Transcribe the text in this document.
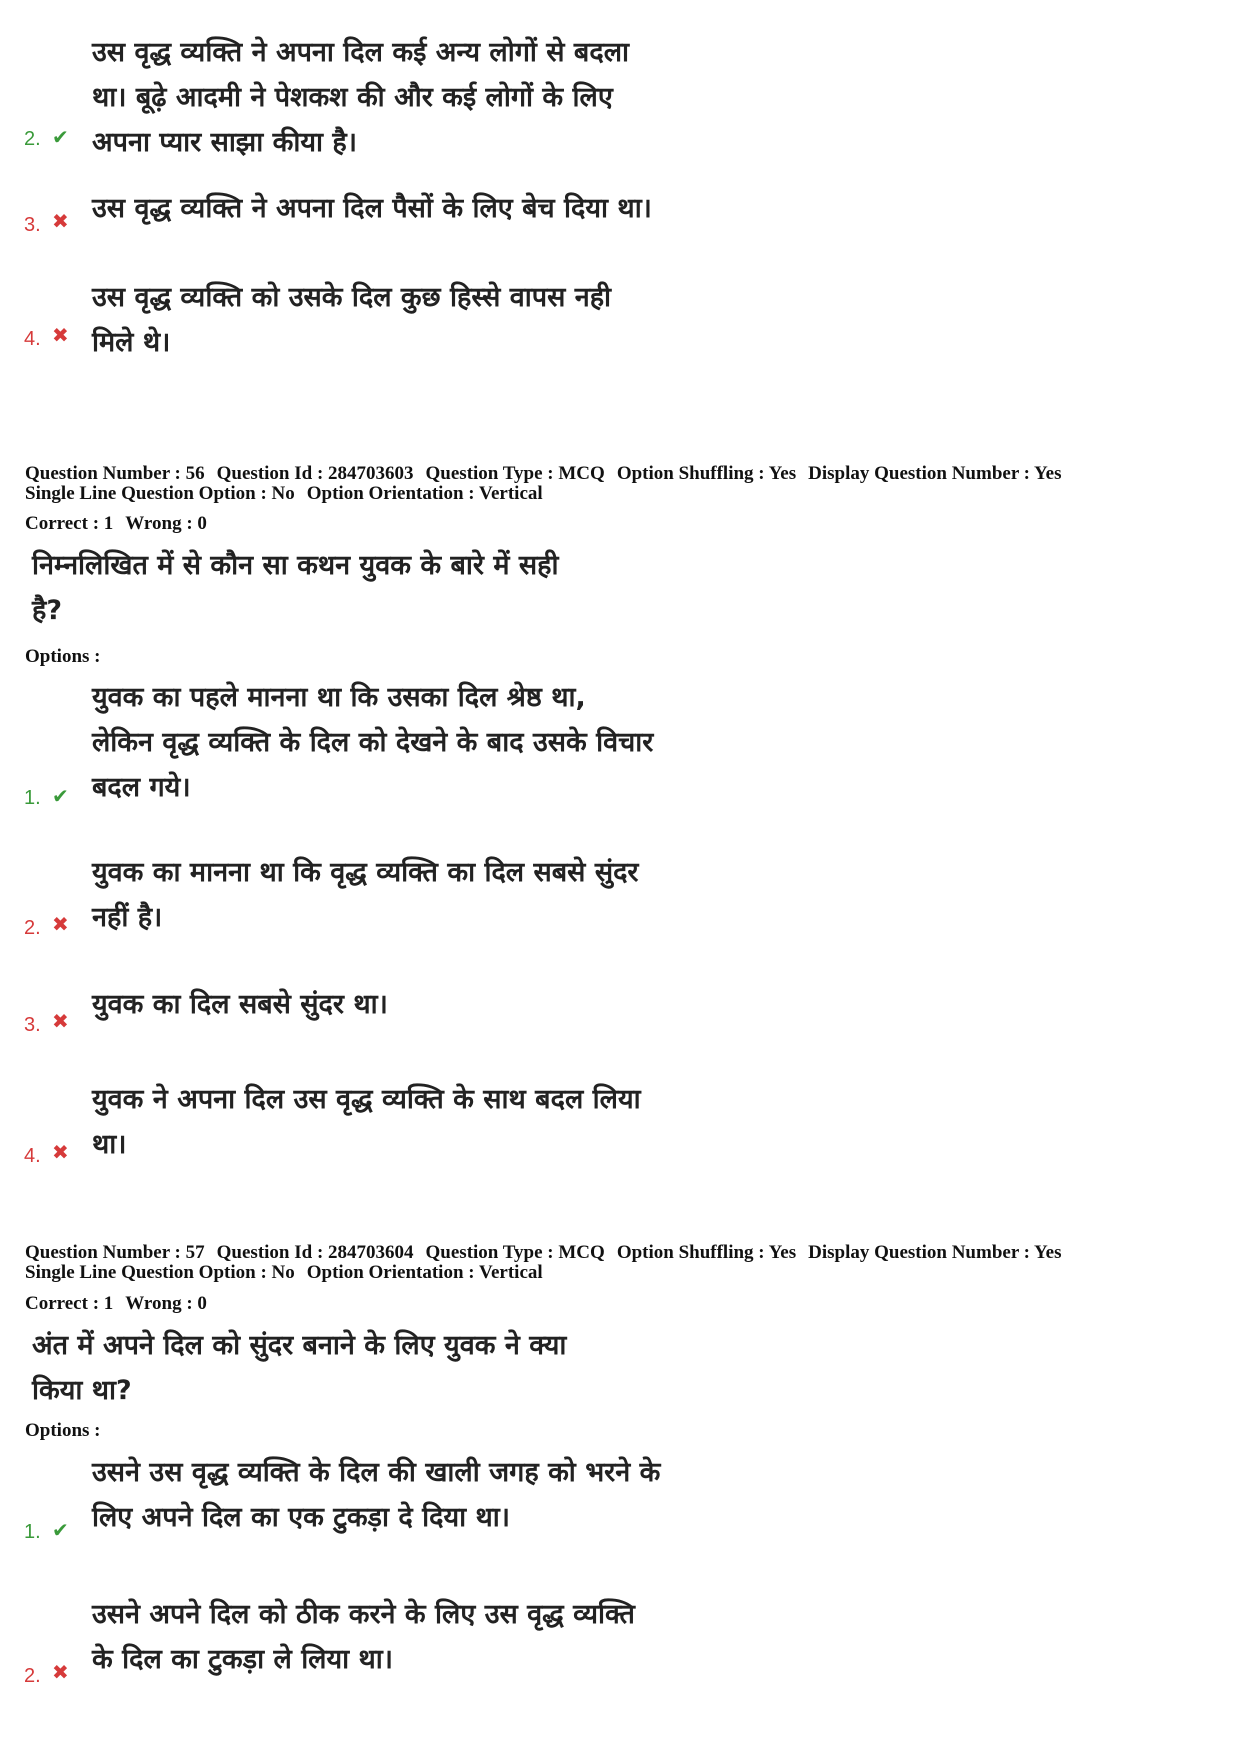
2. ✔
उस वृद्ध व्यक्ति ने अपना दिल कई अन्य लोगों से बदला
था। बूढ़े आदमी ने पेशकश की और कई लोगों के लिए
अपना प्यार साझा कीया है।
3. ✖ उस वृद्ध व्यक्ति ने अपना दिल पैसों के लिए बेच दिया था।
4. ✖
उस वृद्ध व्यक्ति को उसके दिल कुछ हिस्से वापस नही
मिले थे।
Question Number : 56 Question Id : 284703603 Question Type : MCQ Option Shuffling : Yes Display Question Number : Yes
Single Line Question Option : No Option Orientation : Vertical
Correct : 1 Wrong : 0
निम्नलिखित में से कौन सा कथन युवक के बारे में सही
है?
Options :
1. ✔
युवक का पहले मानना था कि उसका दिल श्रेष्ठ था,
लेकिन वृद्ध व्यक्ति के दिल को देखने के बाद उसके विचार
बदल गये।
2. ✖
युवक का मानना था कि वृद्ध व्यक्ति का दिल सबसे सुंदर
नहीं है।
3. ✖
युवक का दिल सबसे सुंदर था।
4. ✖
युवक ने अपना दिल उस वृद्ध व्यक्ति के साथ बदल लिया
था।
Question Number : 57 Question Id : 284703604 Question Type : MCQ Option Shuffling : Yes Display Question Number : Yes
Single Line Question Option : No Option Orientation : Vertical
Correct : 1 Wrong : 0
अंत में अपने दिल को सुंदर बनाने के लिए युवक ने क्या
किया था?
Options :
1. ✔
उसने उस वृद्ध व्यक्ति के दिल की खाली जगह को भरने के
लिए अपने दिल का एक टुकड़ा दे दिया था।
2. ✖
उसने अपने दिल को ठीक करने के लिए उस वृद्ध व्यक्ति
के दिल का टुकड़ा ले लिया था।
